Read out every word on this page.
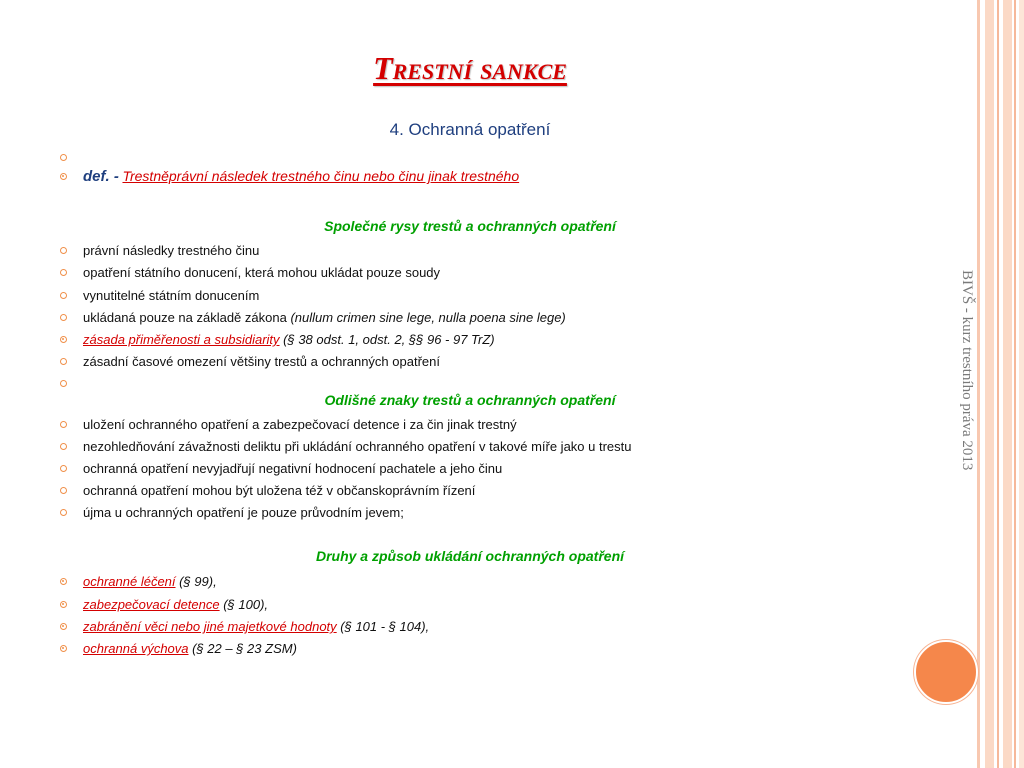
BIVŠ - kurz trestního práva 2013
Trestní sankce
4. Ochranná opatření
def. - Trestněprávní následek trestného činu nebo činu jinak trestného
Společné rysy trestů a ochranných opatření
právní následky trestného činu
opatření státního donucení, která mohou ukládat pouze soudy
vynutitelné státním donucením
ukládaná pouze na základě zákona (nullum crimen sine lege, nulla poena sine lege)
zásada přiměřenosti a subsidiarity (§ 38 odst. 1, odst. 2, §§ 96 - 97 TrZ)
zásadní časové omezení většiny trestů a ochranných opatření
Odlišné znaky trestů a ochranných opatření
uložení ochranného opatření a zabezpečovací detence i za čin jinak trestný
nezohledňování závažnosti deliktu při ukládání ochranného opatření v takové míře jako u trestu
ochranná opatření nevyjadřují negativní hodnocení pachatele a jeho činu
ochranná opatření mohou být uložena též v občanskoprávním řízení
újma u ochranných opatření je pouze průvodním jevem;
Druhy a způsob ukládání ochranných opatření
ochranné léčení (§ 99),
zabezpečovací detence (§ 100),
zabránění věci nebo jiné majetkové hodnoty (§ 101 - § 104),
ochranná výchova (§ 22 – § 23 ZSM)
